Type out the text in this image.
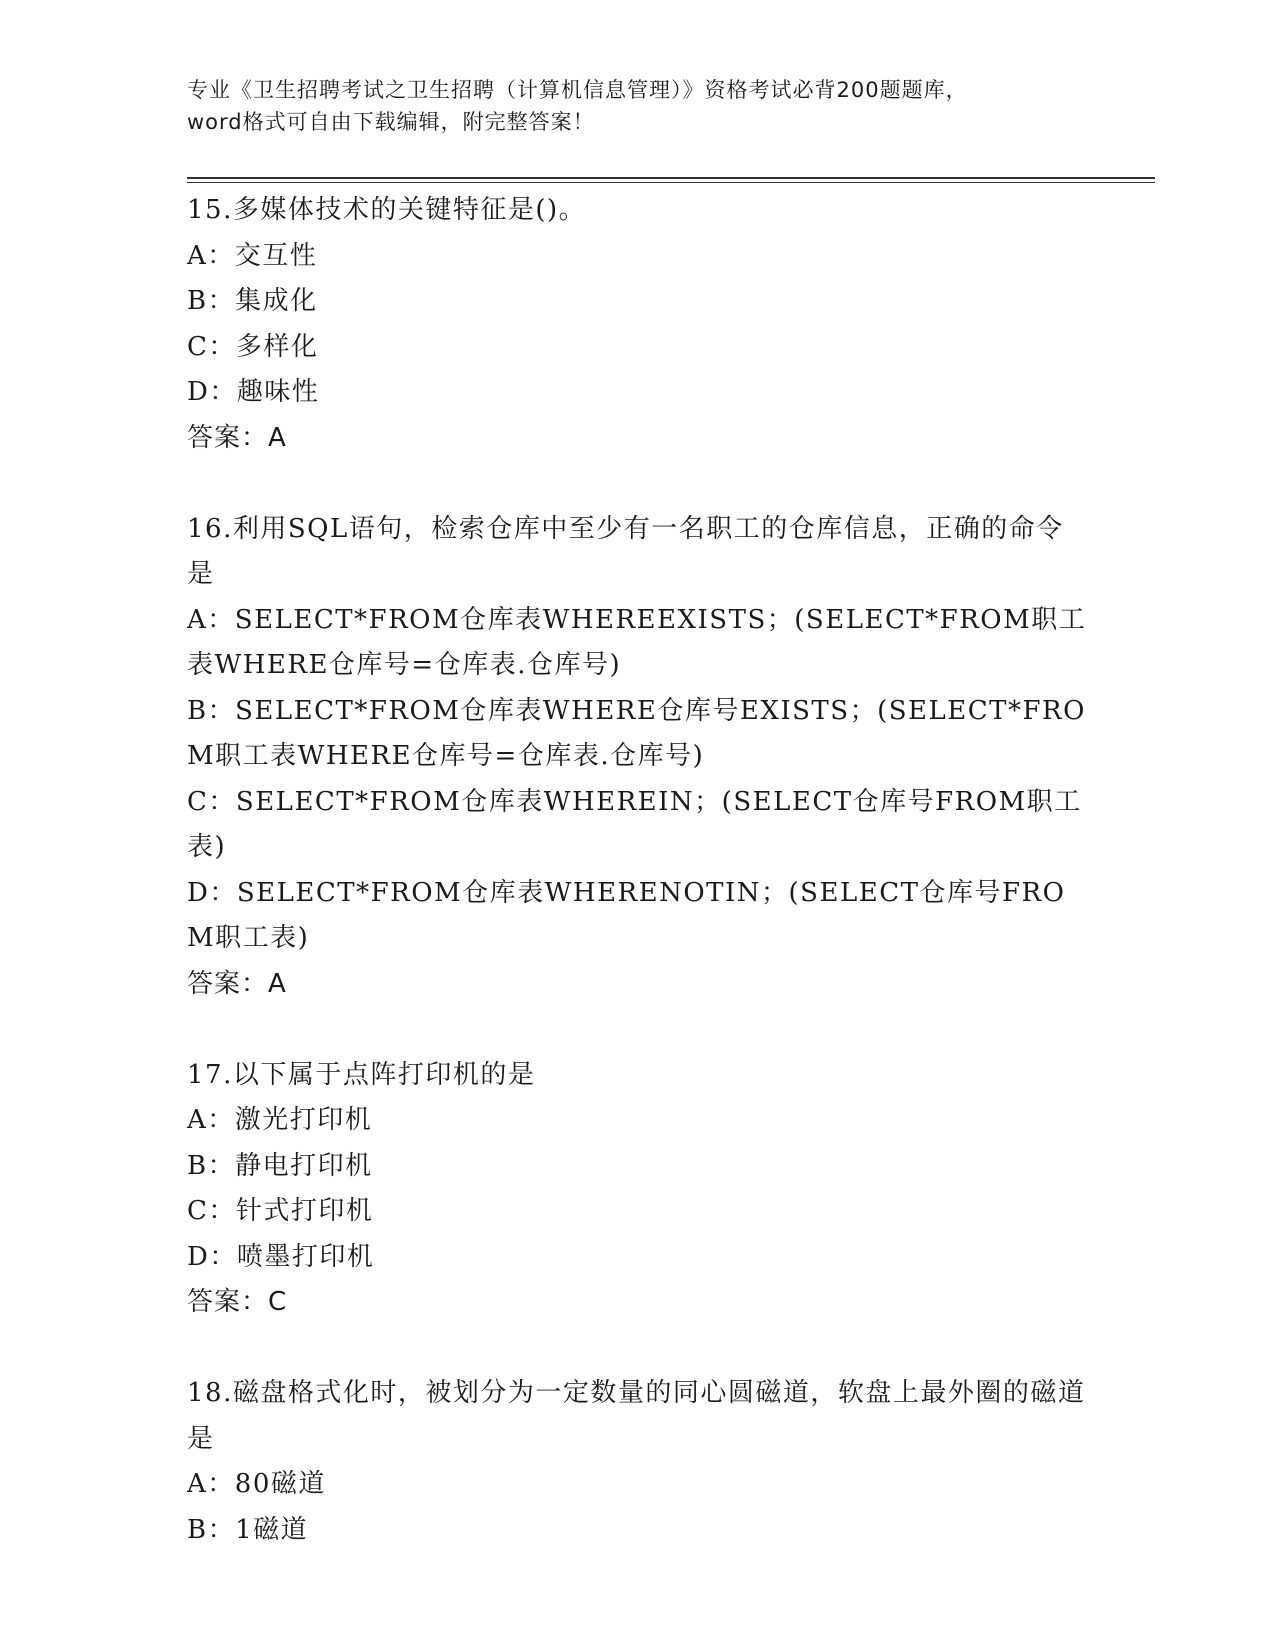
专业《卫生招聘考试之卫生招聘（计算机信息管理）》资格考试必背200题题库，
word格式可自由下载编辑，附完整答案！

15.多媒体技术的关键特征是()。

A：交互性

B：集成化

C：多样化

D：趣味性

答案：A

16.利用SQL语句，检索仓库中至少有一名职工的仓库信息，正确的命令是

A：SELECT*FROM仓库表WHEREEXISTS；(SELECT*FROM职工表WHERE仓库号=仓库表.仓库号)

B：SELECT*FROM仓库表WHERE仓库号EXISTS；(SELECT*FROM职工表WHERE仓库号=仓库表.仓库号)

C：SELECT*FROM仓库表WHEREIN；(SELECT仓库号FROM职工表)

D：SELECT*FROM仓库表WHERENOTIN；(SELECT仓库号FROM职工表)

答案：A

17.以下属于点阵打印机的是

A：激光打印机

B：静电打印机

C：针式打印机

D：喷墨打印机

答案：C

18.磁盘格式化时，被划分为一定数量的同心圆磁道，软盘上最外圈的磁道是

A：80磁道

B：1磁道
